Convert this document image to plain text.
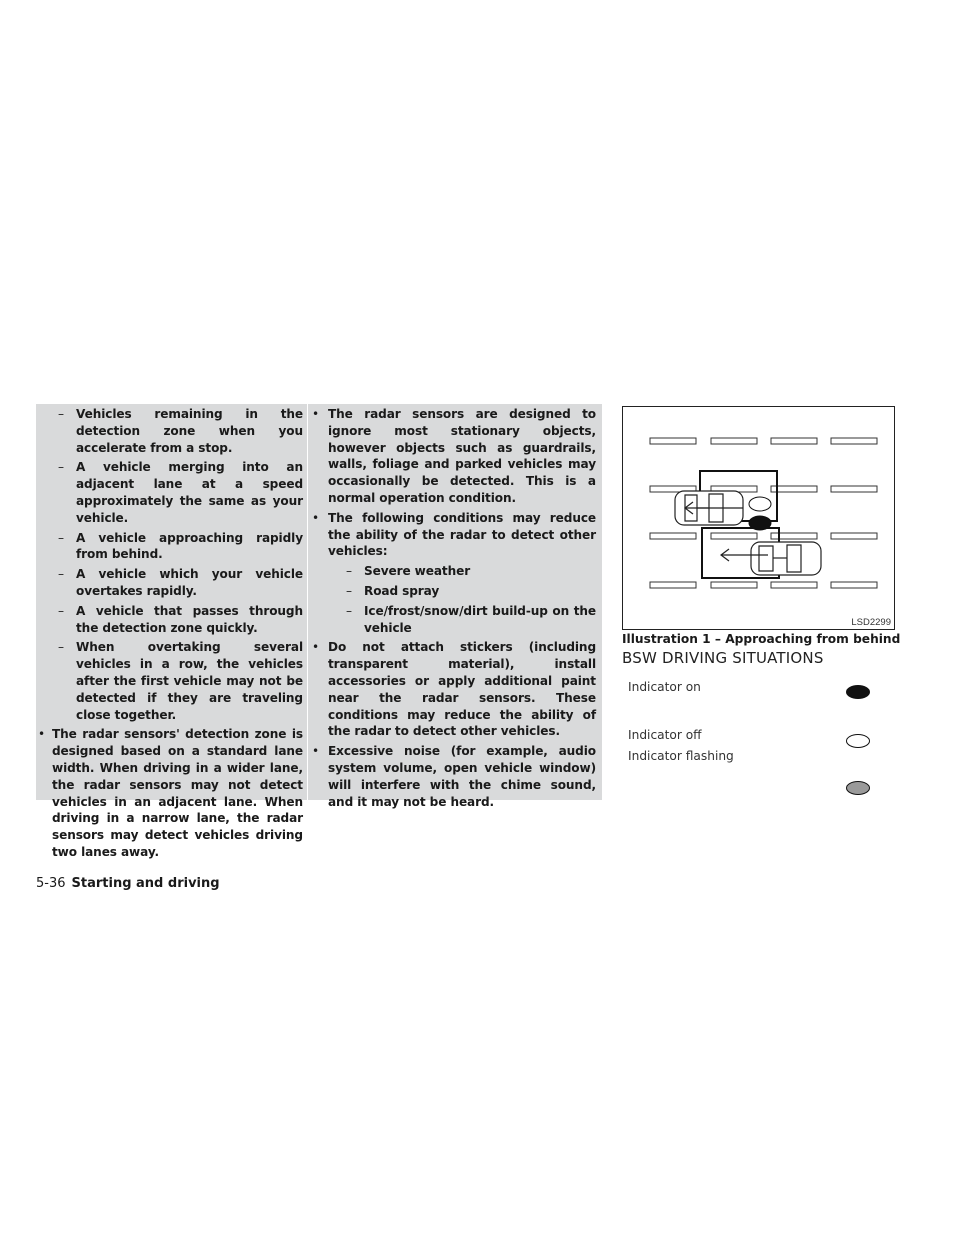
– Vehicles remaining in the detection zone when you accelerate from a stop.
– A vehicle merging into an adjacent lane at a speed approximately the same as your vehicle.
– A vehicle approaching rapidly from behind.
– A vehicle which your vehicle overtakes rapidly.
– A vehicle that passes through the detection zone quickly.
– When overtaking several vehicles in a row, the vehicles after the first vehicle may not be detected if they are traveling close together.
• The radar sensors' detection zone is designed based on a standard lane width. When driving in a wider lane, the radar sensors may not detect vehicles in an adjacent lane. When driving in a narrow lane, the radar sensors may detect vehicles driving two lanes away.
• The radar sensors are designed to ignore most stationary objects, however objects such as guardrails, walls, foliage and parked vehicles may occasionally be detected. This is a normal operation condition.
• The following conditions may reduce the ability of the radar to detect other vehicles:
– Severe weather
– Road spray
– Ice/frost/snow/dirt build-up on the vehicle
• Do not attach stickers (including transparent material), install accessories or apply additional paint near the radar sensors. These conditions may reduce the ability of the radar to detect other vehicles.
• Excessive noise (for example, audio system volume, open vehicle window) will interfere with the chime sound, and it may not be heard.
LSD2299
Illustration 1 – Approaching from behind
BSW DRIVING SITUATIONS
Indicator on
Indicator off
Indicator flashing
5-36 Starting and driving
